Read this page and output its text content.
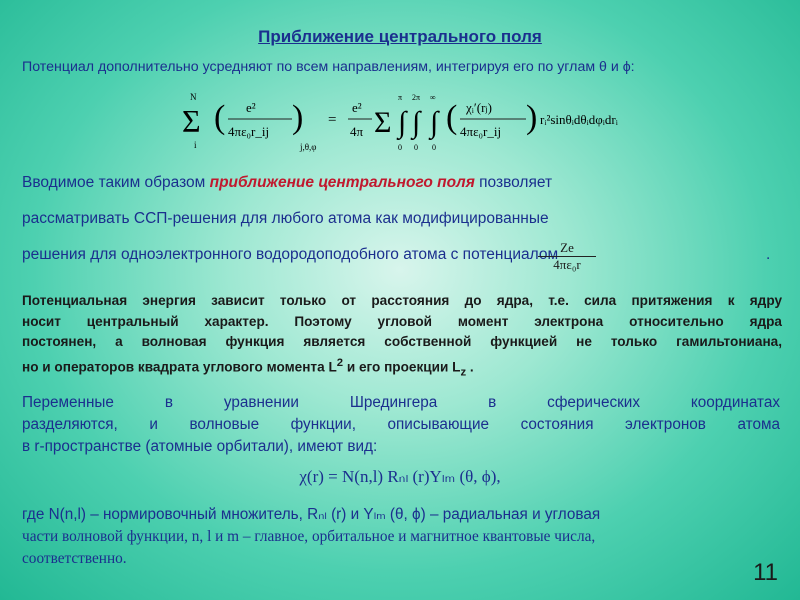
Приближение центрального поля
Потенциал дополнительно усредняют по всем направлениям, интегрируя его по углам θ и ϕ:
N
Σ
i
( e²
4πε₀r_ij )
j,θ,φ
=
e²
4π Σ
π
∫
0
2π
∫
0
∞
∫
0
( χᵢ′(rⱼ)
4πε₀r_ij ) rᵢ²sinθᵢdθᵢdφᵢdrᵢ
Вводимое таким образом приближение центрального поля позволяет
рассматривать ССП-решения для любого атома как модифицированные
решения для одноэлектронного водородоподобного атома с потенциалом
$\frac{Ze}{\text{4πε₀r}}$	.
Потенциальная энергия зависит только от расстояния до ядра, т.е. сила притяжения к ядру
носит центральный характер. Поэтому угловой момент электрона относительно ядра
постоянен, а волновая функция является собственной функцией не только гамильтониана,
но и операторов квадрата углового момента $L^2$ и его проекции $L_z$ .
Переменные в уравнении Шредингера в сферических координатах
разделяются, и волновые функции, описывающие состояния электронов атома
в r-пространстве (атомные орбитали), имеют вид:
χ(r) = N(n,l) Rₙₗ (r)Yₗₘ (θ, ϕ),
где N(n,l) – нормировочный множитель, Rₙₗ (r) и Yₗₘ (θ, ϕ) – радиальная и угловая
части волновой функции, n, l и m – главное, орбитальное и магнитное квантовые числа,
соответственно.
11
